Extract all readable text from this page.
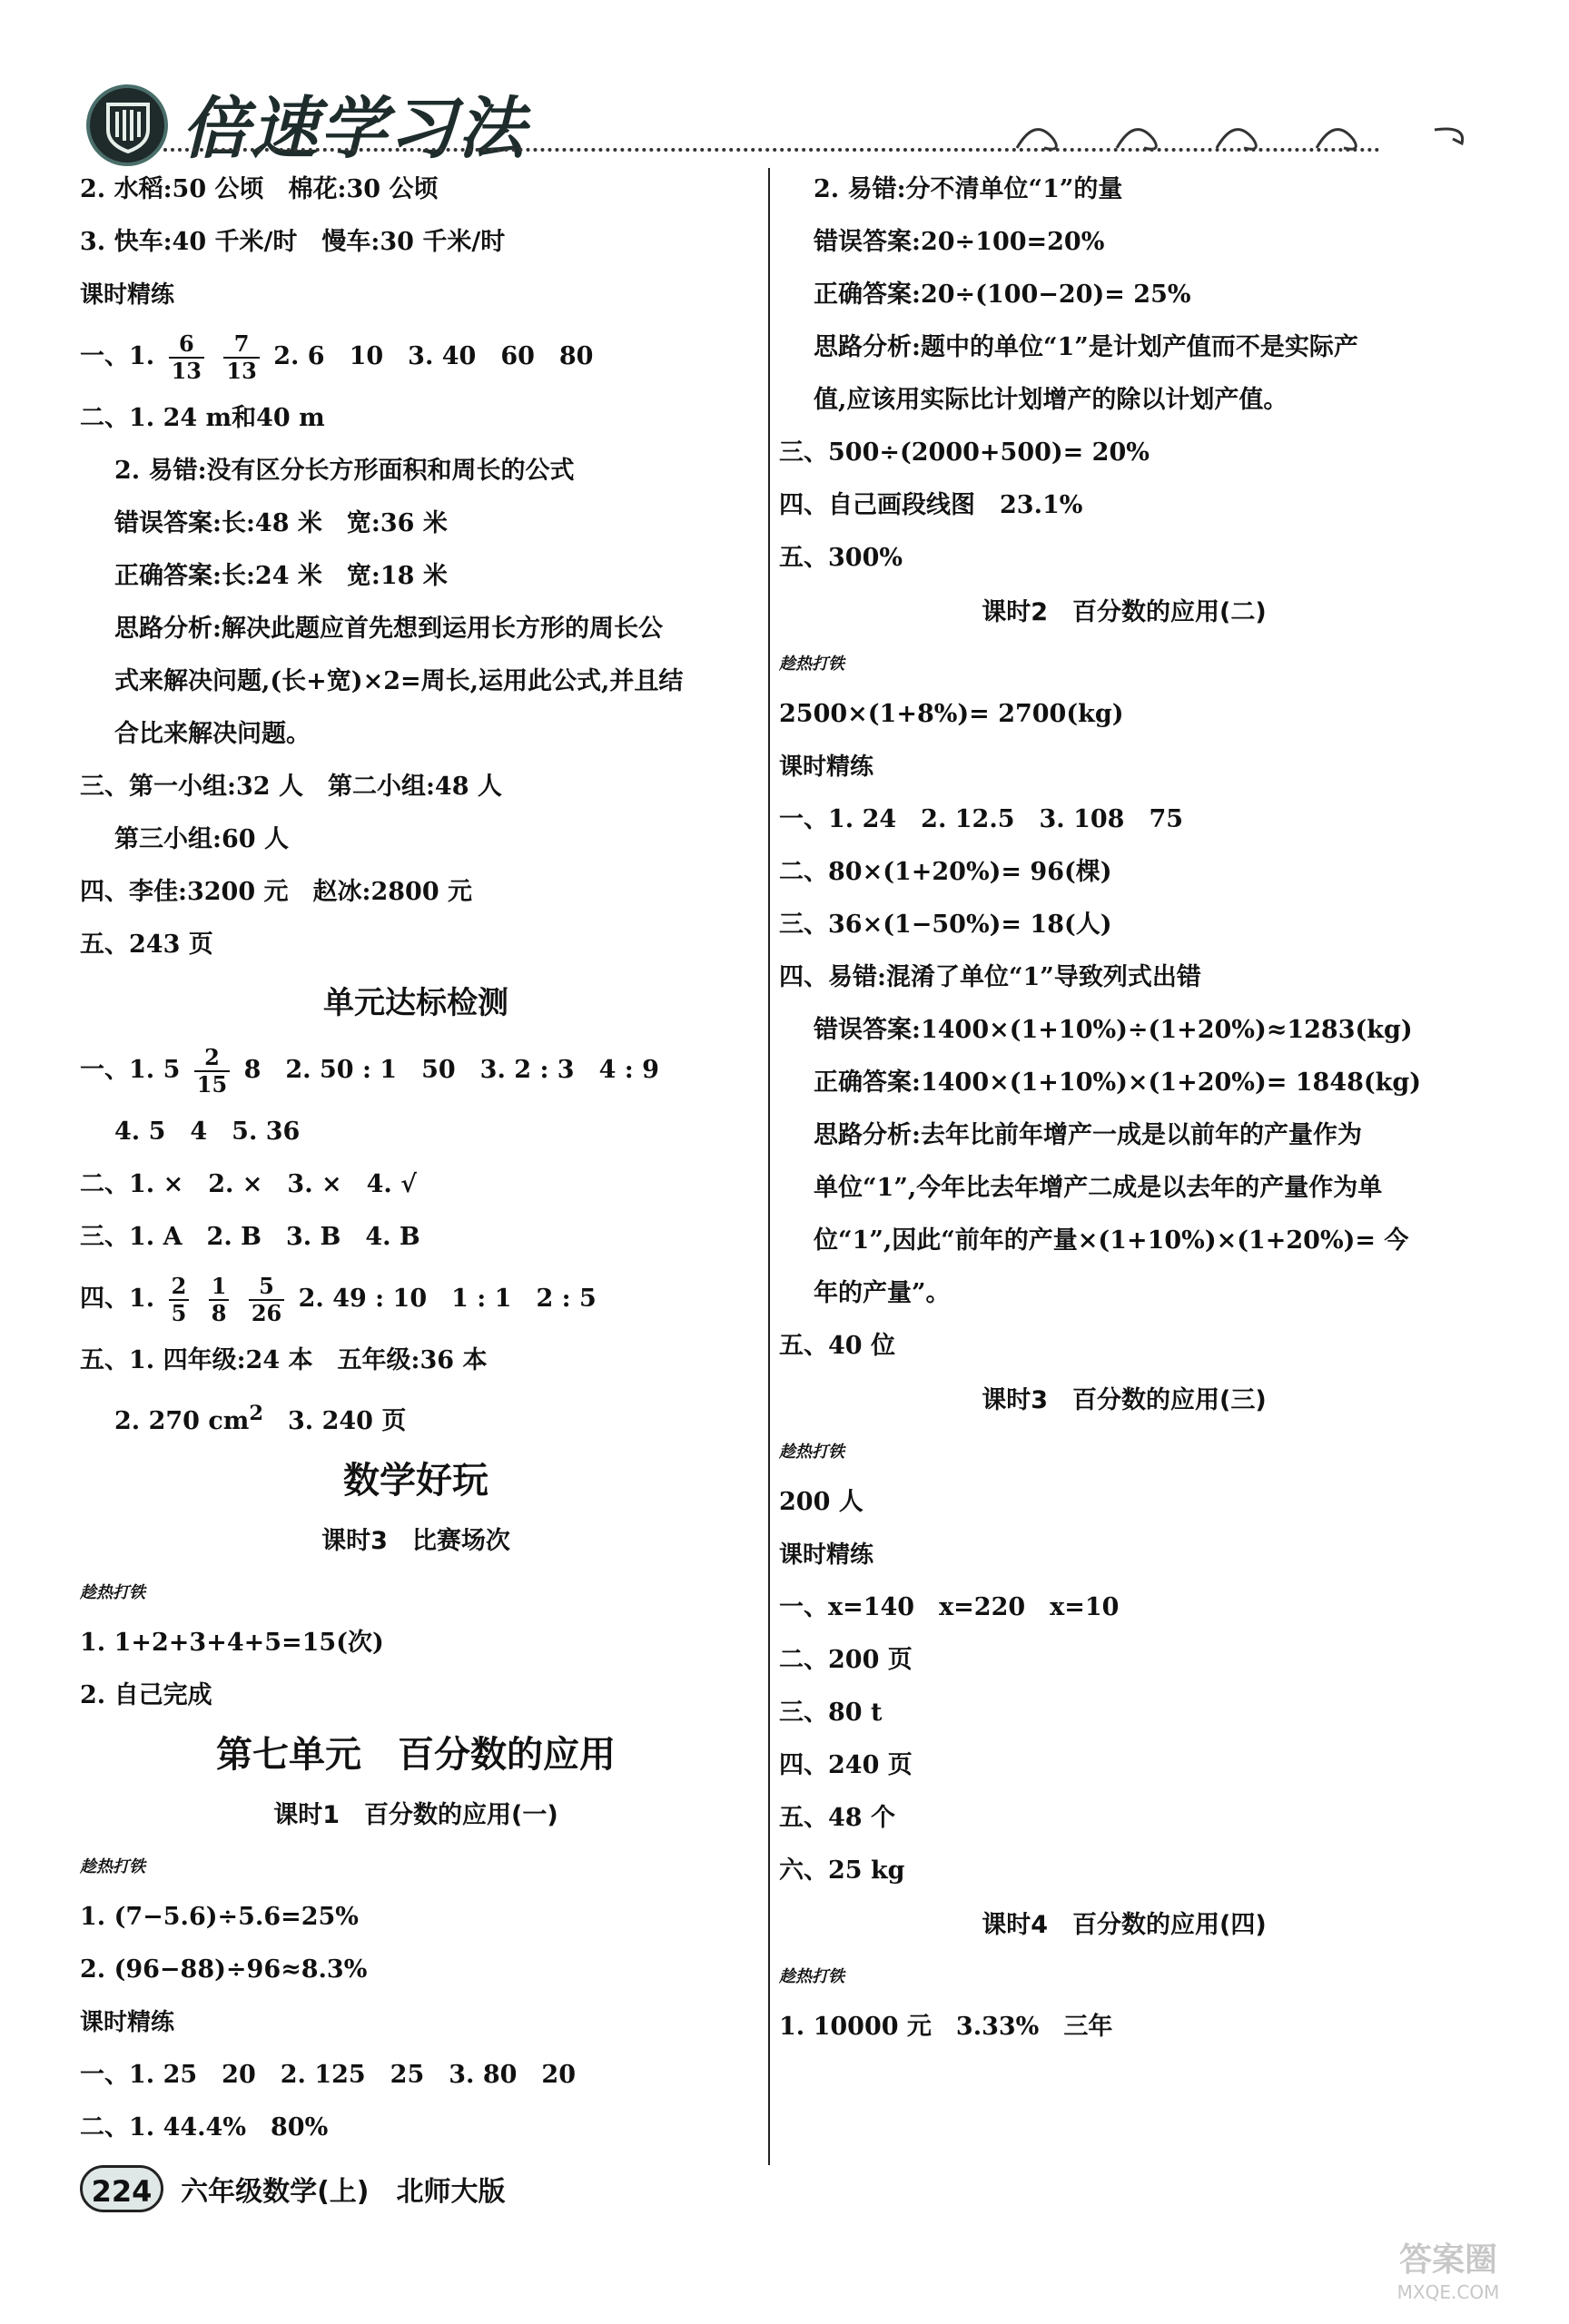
倍速学习法
2. 水稻:50 公顷　棉花:30 公顷
3. 快车:40 千米/时　慢车:30 千米/时
课时精练
一、1. $\frac{6}{13}$
$\frac{7}{13} 2$. 6　10　3. 40　60　80
二、1. 24 m和40 m
2. 易错:没有区分长方形面积和周长的公式
错误答案:长:48 米　宽:36 米
正确答案:长:24 米　宽:18 米
思路分析:解决此题应首先想到运用长方形的周长公
式来解决问题,(长+宽)×2=周长,运用此公式,并且结
合比来解决问题。
三、第一小组:32 人　第二小组:48 人
第三小组:60 人
四、李佳:3200 元　赵冰:2800 元
五、243 页
单元达标检测
一、1. $5 \frac{2}{15} 8$　2. 50 : 1　50　3. 2 : 3　4 : 9
4. 5　4　5. 36
二、1. ×　2. ×　3. ×　4. √
三、1. A　2. B　3. B　4. B
四、1. $\frac{2}{5}$
$\frac{1}{8}$
$\frac{5}{26} 2$. 49 : 10　1 : 1　2 : 5
五、1. 四年级:24 本　五年级:36 本
2. 270 $cm^2$　3. 240 页
数学好玩
课时3　比赛场次
趁热打铁
1. 1+2+3+4+5=15(次)
2. 自己完成
第七单元　百分数的应用
课时1　百分数的应用(一)
趁热打铁
1. (7−5.6)÷5.6=25%
2. (96−88)÷96≈8.3%
课时精练
一、1. 25　20　2. 125　25　3. 80　20
二、1. 44.4%　80%
2. 易错:分不清单位“1”的量
错误答案:20÷100=20%
正确答案:20÷(100−20)= 25%
思路分析:题中的单位“1”是计划产值而不是实际产
值,应该用实际比计划增产的除以计划产值。
三、500÷(2000+500)= 20%
四、自己画段线图　23.1%
五、300%
课时2　百分数的应用(二)
趁热打铁
2500×(1+8%)= 2700(kg)
课时精练
一、1. 24　2. 12.5　3. 108　75
二、80×(1+20%)= 96(棵)
三、36×(1−50%)= 18(人)
四、易错:混淆了单位“1”导致列式出错
错误答案:1400×(1+10%)÷(1+20%)≈1283(kg)
正确答案:1400×(1+10%)×(1+20%)= 1848(kg)
思路分析:去年比前年增产一成是以前年的产量作为
单位“1”,今年比去年增产二成是以去年的产量作为单
位“1”,因此“前年的产量×(1+10%)×(1+20%)= 今
年的产量”。
五、40 位
课时3　百分数的应用(三)
趁热打铁
200 人
课时精练
一、x=140　x=220　x=10
二、200 页
三、80 t
四、240 页
五、48 个
六、25 kg
课时4　百分数的应用(四)
趁热打铁
1. 10000 元　3.33%　三年
224 六年级数学(上)　北师大版
答案圈
MXQE.COM
